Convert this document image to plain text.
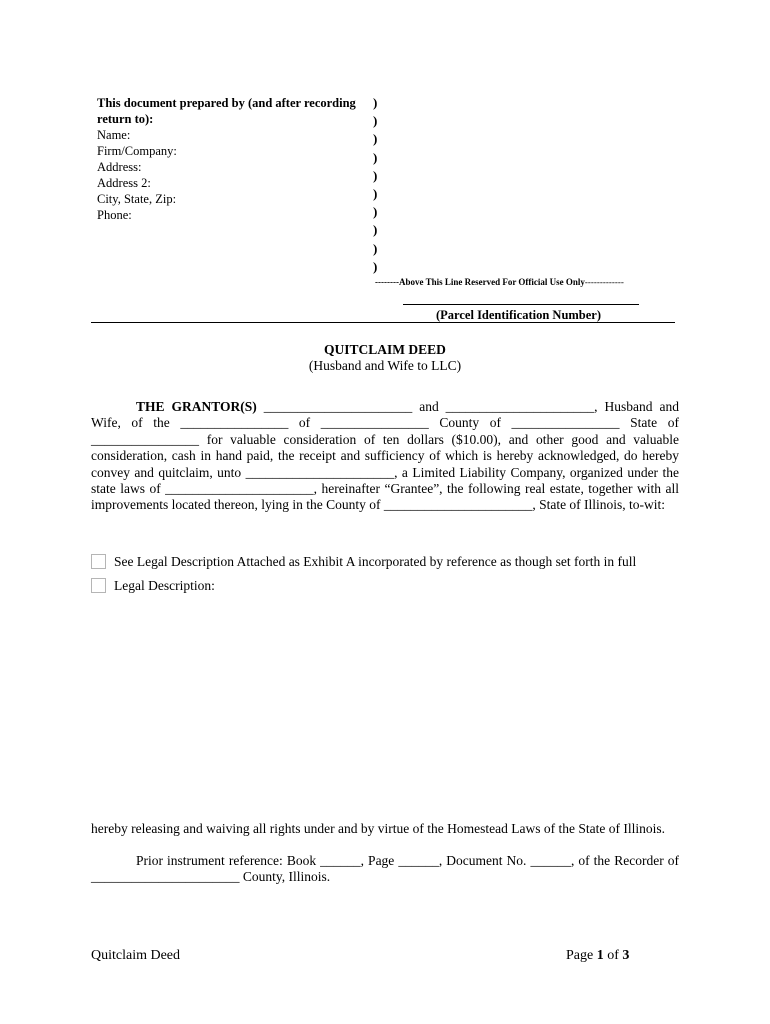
This document prepared by (and after recording return to):
Name:
Firm/Company:
Address:
Address 2:
City, State, Zip:
Phone:
)
)
)
)
)
)
)
)
)
)
--------Above This Line Reserved For Official Use Only-------------
(Parcel Identification Number)
QUITCLAIM DEED
(Husband and Wife to LLC)
THE GRANTOR(S) ______________________ and ______________________, Husband and Wife, of the ________________ of ________________ County of ________________ State of ________________ for valuable consideration of ten dollars ($10.00), and other good and valuable consideration, cash in hand paid, the receipt and sufficiency of which is hereby acknowledged, do hereby convey and quitclaim, unto ______________________, a Limited Liability Company, organized under the state laws of ______________________, hereinafter “Grantee”, the following real estate, together with all improvements located thereon, lying in the County of ______________________, State of Illinois, to-wit:
See Legal Description Attached as Exhibit A incorporated by reference as though set forth in full
Legal Description:
hereby releasing and waiving all rights under and by virtue of the Homestead Laws of the State of Illinois.
Prior instrument reference: Book ______, Page ______, Document No. ______, of the Recorder of ______________________ County, Illinois.
Quitclaim Deed	Page 1 of 3
